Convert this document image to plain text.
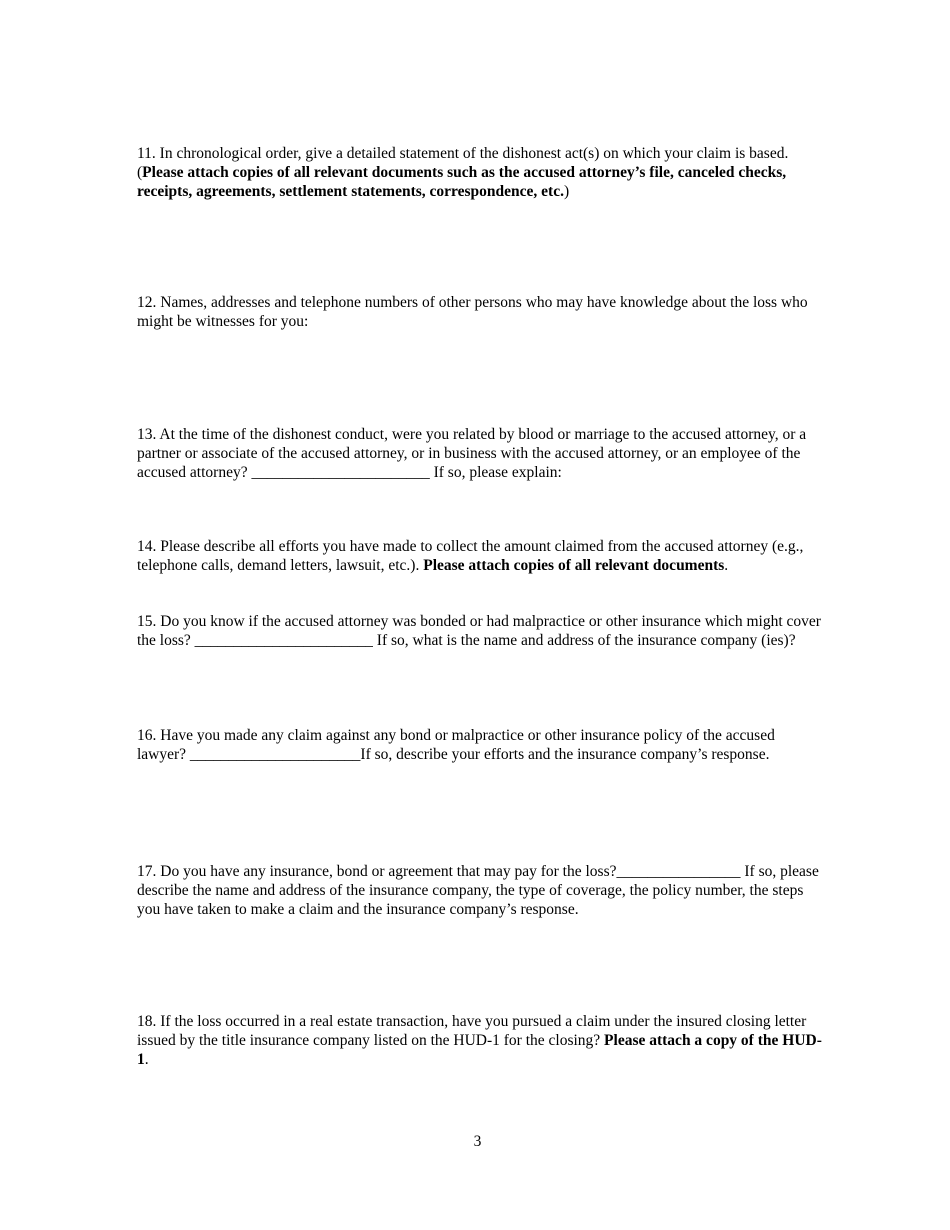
11. In chronological order, give a detailed statement of the dishonest act(s) on which your claim is based. (Please attach copies of all relevant documents such as the accused attorney’s file, canceled checks, receipts, agreements, settlement statements, correspondence, etc.)

12. Names, addresses and telephone numbers of other persons who may have knowledge about the loss who might be witnesses for you:

13. At the time of the dishonest conduct, were you related by blood or marriage to the accused attorney, or a partner or associate of the accused attorney, or in business with the accused attorney, or an employee of the accused attorney? _______________________ If so, please explain:

14. Please describe all efforts you have made to collect the amount claimed from the accused attorney (e.g., telephone calls, demand letters, lawsuit, etc.). Please attach copies of all relevant documents.

15. Do you know if the accused attorney was bonded or had malpractice or other insurance which might cover the loss? _______________________ If so, what is the name and address of the insurance company (ies)?

16. Have you made any claim against any bond or malpractice or other insurance policy of the accused lawyer? ______________________If so, describe your efforts and the insurance company’s response.

17. Do you have any insurance, bond or agreement that may pay for the loss?________________ If so, please describe the name and address of the insurance company, the type of coverage, the policy number, the steps you have taken to make a claim and the insurance company’s response.

18. If the loss occurred in a real estate transaction, have you pursued a claim under the insured closing letter issued by the title insurance company listed on the HUD-1 for the closing? Please attach a copy of the HUD-1.

3
